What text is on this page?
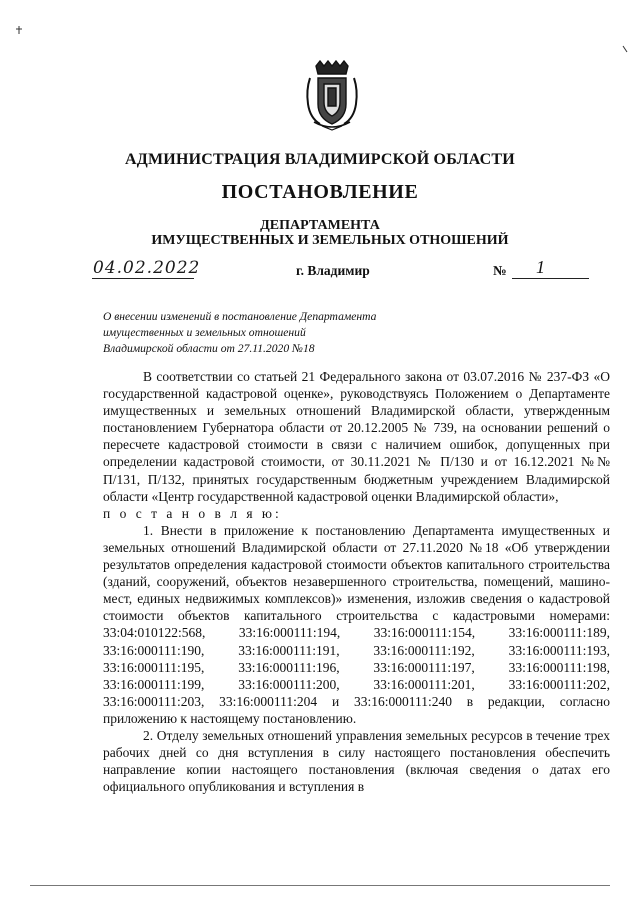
АДМИНИСТРАЦИЯ ВЛАДИМИРСКОЙ ОБЛАСТИ
ПОСТАНОВЛЕНИЕ
ДЕПАРТАМЕНТА
ИМУЩЕСТВЕННЫХ И ЗЕМЕЛЬНЫХ ОТНОШЕНИЙ
04.02.2022	г. Владимир	№ 1
О внесении изменений в постановление Департамента
имущественных и земельных отношений
Владимирской области от 27.11.2020 №18

В соответствии со статьей 21 Федерального закона от 03.07.2016 № 237-ФЗ «О государственной кадастровой оценке», руководствуясь Положением о Департаменте имущественных и земельных отношений Владимирской области, утвержденным постановлением Губернатора области от 20.12.2005 № 739, на основании решений о пересчете кадастровой стоимости в связи с наличием ошибок, допущенных при определении кадастровой стоимости, от 30.11.2021 № П/130 и от 16.12.2021 №№ П/131, П/132, принятых государственным бюджетным учреждением Владимирской области «Центр государственной кадастровой оценки Владимирской области»,

п о с т а н о в л я ю:

1. Внести в приложение к постановлению Департамента имущественных и земельных отношений Владимирской области от 27.11.2020 №18 «Об утверждении результатов определения кадастровой стоимости объектов капитального строительства (зданий, сооружений, объектов незавершенного строительства, помещений, машино-мест, единых недвижимых комплексов)» изменения, изложив сведения о кадастровой стоимости объектов капитального строительства с кадастровыми номерами: 33:04:010122:568, 33:16:000111:194, 33:16:000111:154, 33:16:000111:189, 33:16:000111:190, 33:16:000111:191, 33:16:000111:192, 33:16:000111:193, 33:16:000111:195, 33:16:000111:196, 33:16:000111:197, 33:16:000111:198, 33:16:000111:199, 33:16:000111:200, 33:16:000111:201, 33:16:000111:202, 33:16:000111:203, 33:16:000111:204 и 33:16:000111:240 в редакции, согласно приложению к настоящему постановлению.

2. Отделу земельных отношений управления земельных ресурсов в течение трех рабочих дней со дня вступления в силу настоящего постановления обеспечить направление копии настоящего постановления (включая сведения о датах его официального опубликования и вступления в
